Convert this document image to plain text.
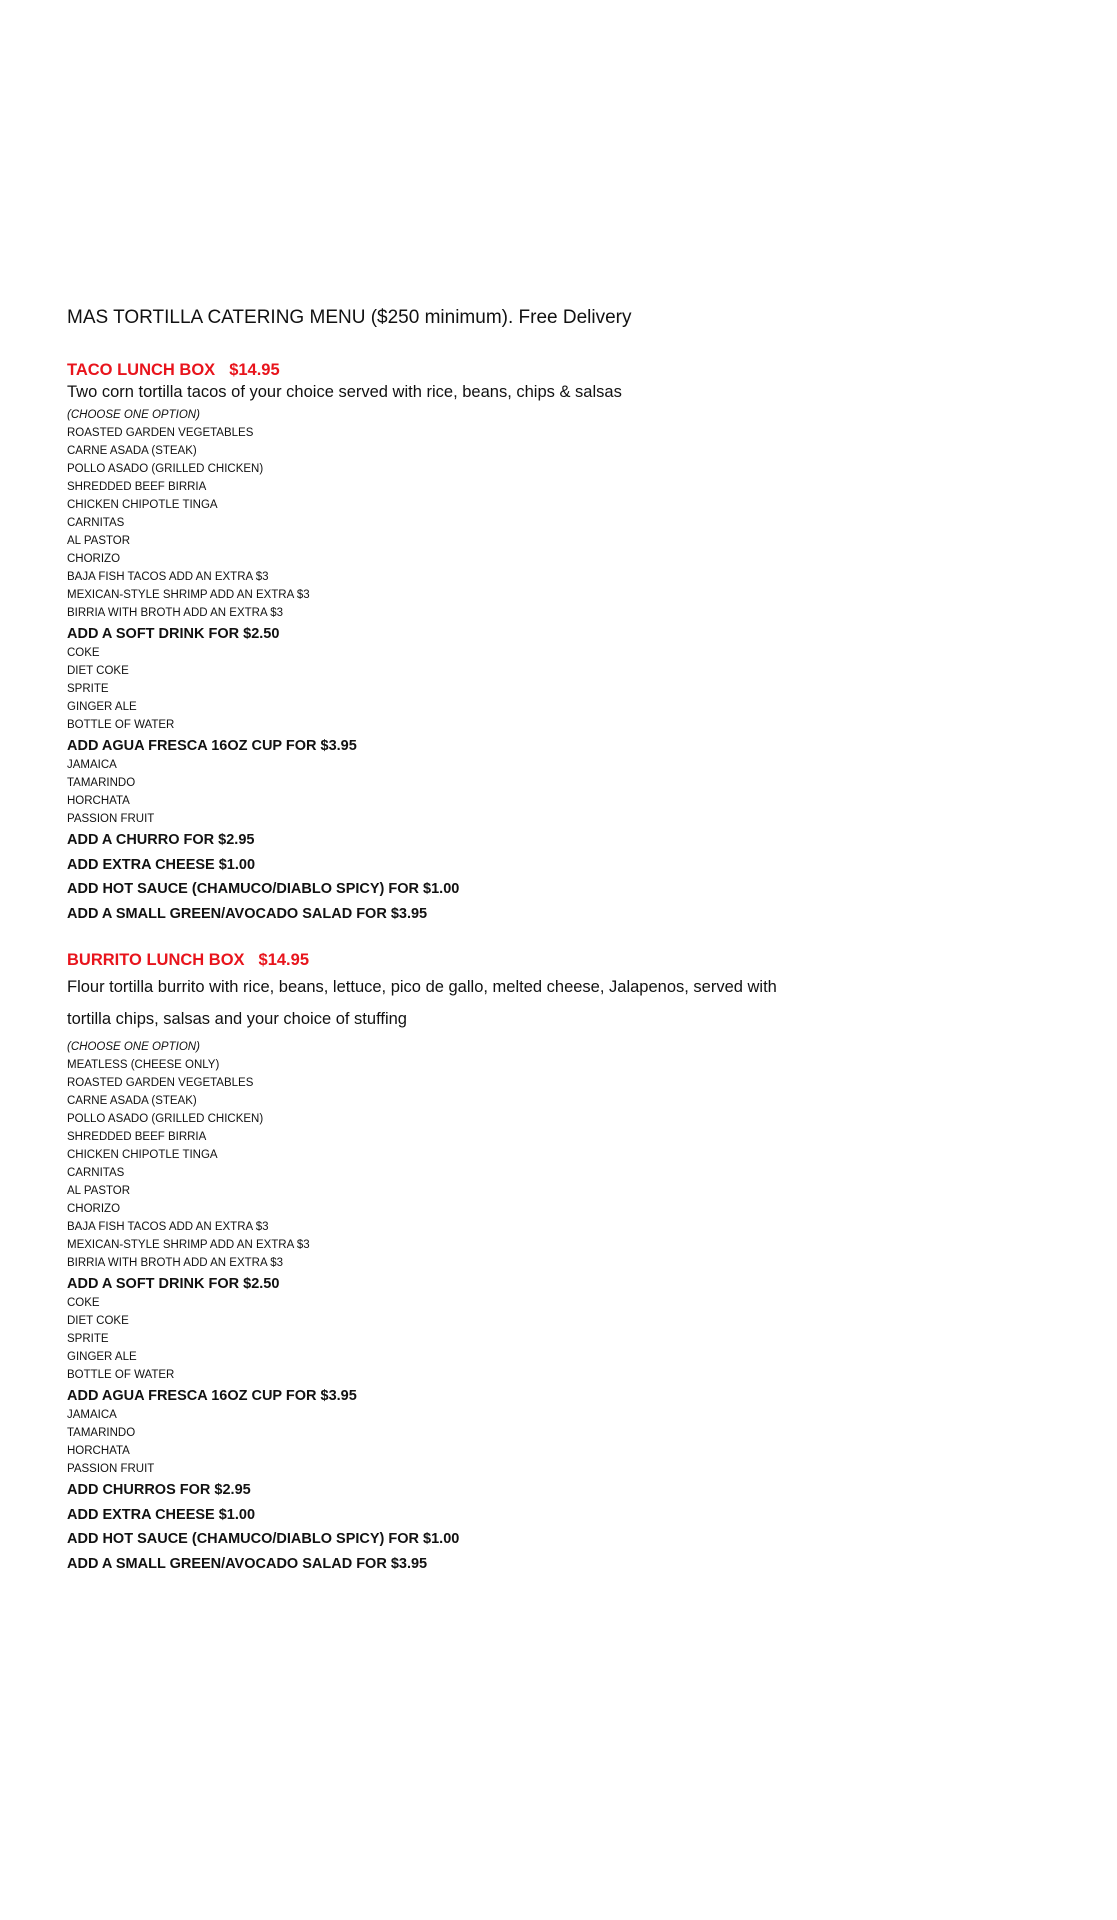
MAS TORTILLA CATERING MENU ($250 minimum). Free Delivery
TACO LUNCH BOX $14.95
Two corn tortilla tacos of your choice served with rice, beans, chips & salsas
(CHOOSE ONE OPTION)
ROASTED GARDEN VEGETABLES
CARNE ASADA (STEAK)
POLLO ASADO (GRILLED CHICKEN)
SHREDDED BEEF BIRRIA
CHICKEN CHIPOTLE TINGA
CARNITAS
AL PASTOR
CHORIZO
BAJA FISH TACOS ADD AN EXTRA $3
MEXICAN-STYLE SHRIMP ADD AN EXTRA $3
BIRRIA WITH BROTH ADD AN EXTRA $3
ADD A SOFT DRINK FOR $2.50
COKE
DIET COKE
SPRITE
GINGER ALE
BOTTLE OF WATER
ADD AGUA FRESCA 16OZ CUP FOR $3.95
JAMAICA
TAMARINDO
HORCHATA
PASSION FRUIT
ADD A CHURRO FOR $2.95
ADD EXTRA CHEESE $1.00
ADD HOT SAUCE (CHAMUCO/DIABLO SPICY) FOR $1.00
ADD A SMALL GREEN/AVOCADO SALAD FOR $3.95
BURRITO LUNCH BOX $14.95
Flour tortilla burrito with rice, beans, lettuce, pico de gallo, melted cheese, Jalapenos, served with tortilla chips, salsas and your choice of stuffing
(CHOOSE ONE OPTION)
MEATLESS (CHEESE ONLY)
ROASTED GARDEN VEGETABLES
CARNE ASADA (STEAK)
POLLO ASADO (GRILLED CHICKEN)
SHREDDED BEEF BIRRIA
CHICKEN CHIPOTLE TINGA
CARNITAS
AL PASTOR
CHORIZO
BAJA FISH TACOS ADD AN EXTRA $3
MEXICAN-STYLE SHRIMP ADD AN EXTRA $3
BIRRIA WITH BROTH ADD AN EXTRA $3
ADD A SOFT DRINK FOR $2.50
COKE
DIET COKE
SPRITE
GINGER ALE
BOTTLE OF WATER
ADD AGUA FRESCA 16OZ CUP FOR $3.95
JAMAICA
TAMARINDO
HORCHATA
PASSION FRUIT
ADD CHURROS FOR $2.95
ADD EXTRA CHEESE $1.00
ADD HOT SAUCE (CHAMUCO/DIABLO SPICY) FOR $1.00
ADD A SMALL GREEN/AVOCADO SALAD FOR $3.95
